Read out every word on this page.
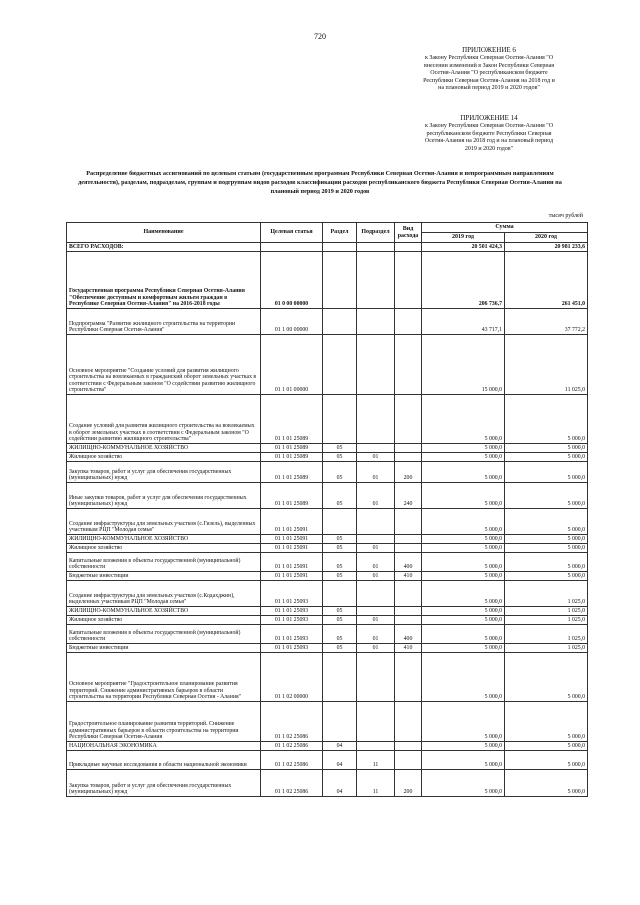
720
ПРИЛОЖЕНИЕ 6
к Закону Республики Северная Осетия-Алания "О
внесении изменений в Закон Республики Северная
Осетия-Алания "О республиканском бюджете
Республики Северная Осетия-Алания на 2018 год и
на плановый период 2019 и 2020 годов"
ПРИЛОЖЕНИЕ 14
к Закону Республики Северная Осетия-Алания "О
республиканском бюджете Республики Северная
Осетия-Алания на 2018 год и на плановый период
2019 и 2020 годов"
Распределение бюджетных ассигнований по целевым статьям (государственным программам Республики Северная Осетия-Алания и непрограммным направлениям деятельности), разделам, подразделам, группам и подгруппам видов расходов классификации расходов республиканского бюджета Республики Северная Осетия-Алании на плановый период 2019 и 2020 годов
тысяч рублей
Наименование	Целевая статья	Раздел	Подраздел	Вид расхода	Сумма	
					2019 год	2020 год
ВСЕГО РАСХОДОВ:					20 501 424,3	20 981 233,6
Государственная программа Республики Северная Осетия-Алания "Обеспечение доступным и комфортным жильем граждан в Республике Северная Осетия-Алания" на 2016-2018 годы	01 0 00 00000				206 736,7	261 451,0
Подпрограмма "Развитие жилищного строительства на территории Республики Северная Осетия-Алания"	01 1 00 00000				43 717,1	37 772,2
Основное мероприятие "Создание условий для развития жилищного строительства на вовлекаемых в гражданский оборот земельных участках в соответствии с Федеральным законом "О содействии развитию жилищного строительства"	01 1 01 00000				15 000,0	11 025,0
Создание условий для развития жилищного строительства на вовлекаемых в оборот земельных участках в соответствии с Федеральным законом "О содействии развитию жилищного строительства"	01 1 01 25089				5 000,0	5 000,0
ЖИЛИЩНО-КОММУНАЛЬНОЕ ХОЗЯЙСТВО	01 1 01 25089	05			5 000,0	5 000,0
Жилищное хозяйство	01 1 01 25089	05	01		5 000,0	5 000,0
Закупка товаров, работ и услуг для обеспечения государственных (муниципальных) нужд	01 1 01 25089	05	01	200	5 000,0	5 000,0
Иные закупки товаров, работ и услуг для обеспечения государственных (муниципальных) нужд	01 1 01 25089	05	01	240	5 000,0	5 000,0
Создание инфраструктуры для земельных участков (с.Гизель), выделенных участникам РЦП "Молодая семья"	01 1 01 25091				5 000,0	5 000,0
ЖИЛИЩНО-КОММУНАЛЬНОЕ ХОЗЯЙСТВО	01 1 01 25091	05			5 000,0	5 000,0
Жилищное хозяйство	01 1 01 25091	05	01		5 000,0	5 000,0
Капитальные вложения в объекты государственной (муниципальной) собственности	01 1 01 25091	05	01	400	5 000,0	5 000,0
Бюджетные инвестиции	01 1 01 25091	05	01	410	5 000,0	5 000,0
Создание инфраструктуры для земельных участков (с.Кодахджин), выделенных участникам РЦП "Молодая семья"	01 1 01 25093				5 000,0	1 025,0
ЖИЛИЩНО-КОММУНАЛЬНОЕ ХОЗЯЙСТВО	01 1 01 25093	05			5 000,0	1 025,0
Жилищное хозяйство	01 1 01 25093	05	01		5 000,0	1 025,0
Капитальные вложения в объекты государственной (муниципальной) собственности	01 1 01 25093	05	01	400	5 000,0	1 025,0
Бюджетные инвестиции	01 1 01 25093	05	01	410	5 000,0	1 025,0
Основное мероприятие "Градостроительное планирование развития территорий. Снижение административных барьеров в области строительства на территории Республики Северная Осетия - Алания"	01 1 02 00000				5 000,0	5 000,0
Градостроительное планирование развития территорий. Снижение административных барьеров в области строительства на территории Республики Северная Осетия-Алания	01 1 02 25086				5 000,0	5 000,0
НАЦИОНАЛЬНАЯ ЭКОНОМИКА	01 1 02 25086	04			5 000,0	5 000,0
Прикладные научные исследования в области национальной экономики	01 1 02 25086	04	11		5 000,0	5 000,0
Закупка товаров, работ и услуг для обеспечения государственных (муниципальных) нужд	01 1 02 25086	04	11	200	5 000,0	5 000,0
